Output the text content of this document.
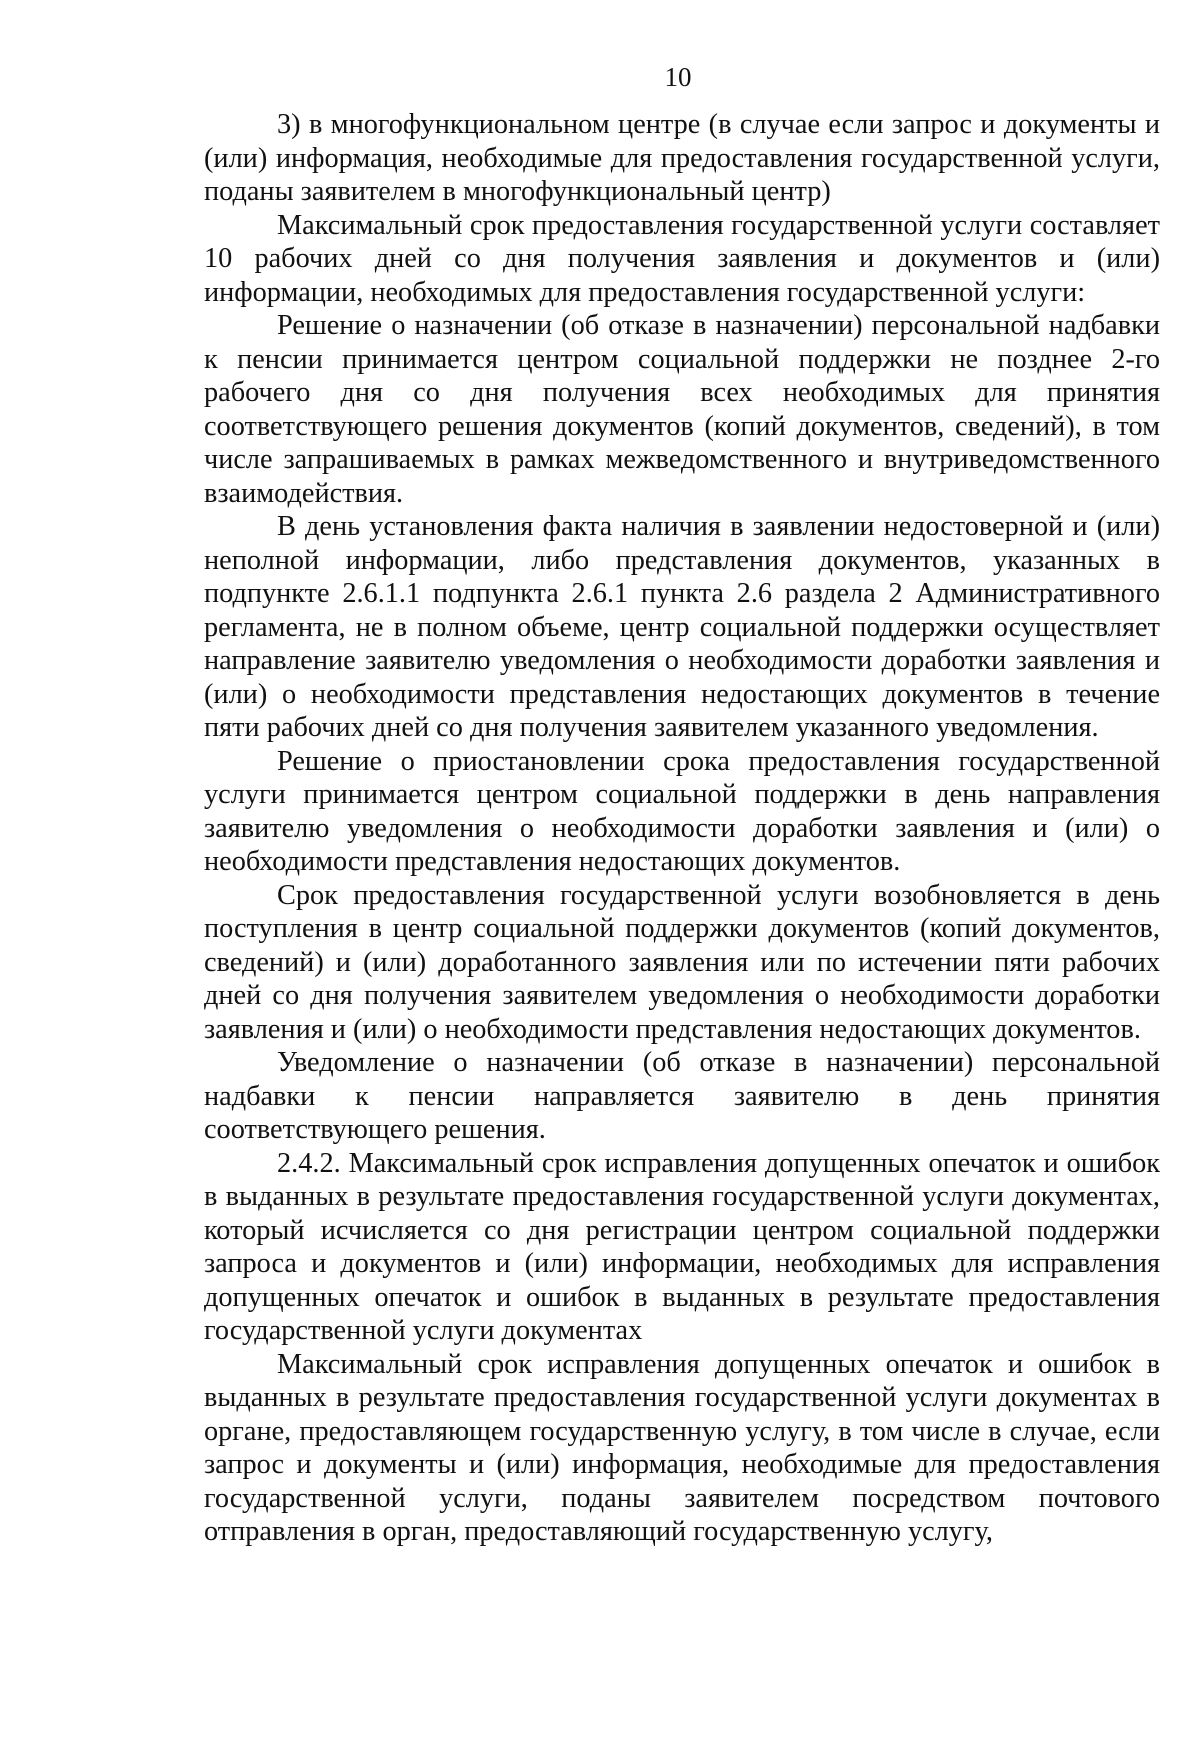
10

3) в многофункциональном центре (в случае если запрос и документы и (или) информация, необходимые для предоставления государственной услуги, поданы заявителем в многофункциональный центр)

Максимальный срок предоставления государственной услуги составляет 10 рабочих дней со дня получения заявления и документов и (или) информации, необходимых для предоставления государственной услуги:

Решение о назначении (об отказе в назначении) персональной надбавки к пенсии принимается центром социальной поддержки не позднее 2-го рабочего дня со дня получения всех необходимых для принятия соответствующего решения документов (копий документов, сведений), в том числе запрашиваемых в рамках межведомственного и внутриведомственного взаимодействия.

В день установления факта наличия в заявлении недостоверной и (или) неполной информации, либо представления документов, указанных в подпункте 2.6.1.1 подпункта 2.6.1 пункта 2.6 раздела 2 Административного регламента, не в полном объеме, центр социальной поддержки осуществляет направление заявителю уведомления о необходимости доработки заявления и (или) о необходимости представления недостающих документов в течение пяти рабочих дней со дня получения заявителем указанного уведомления.

Решение о приостановлении срока предоставления государственной услуги принимается центром социальной поддержки в день направления заявителю уведомления о необходимости доработки заявления и (или) о необходимости представления недостающих документов.

Срок предоставления государственной услуги возобновляется в день поступления в центр социальной поддержки документов (копий документов, сведений) и (или) доработанного заявления или по истечении пяти рабочих дней со дня получения заявителем уведомления о необходимости доработки заявления и (или) о необходимости представления недостающих документов.

Уведомление о назначении (об отказе в назначении) персональной надбавки к пенсии направляется заявителю в день принятия соответствующего решения.

2.4.2. Максимальный срок исправления допущенных опечаток и ошибок в выданных в результате предоставления государственной услуги документах, который исчисляется со дня регистрации центром социальной поддержки запроса и документов и (или) информации, необходимых для исправления допущенных опечаток и ошибок в выданных в результате предоставления государственной услуги документах

Максимальный срок исправления допущенных опечаток и ошибок в выданных в результате предоставления государственной услуги документах в органе, предоставляющем государственную услугу, в том числе в случае, если запрос и документы и (или) информация, необходимые для предоставления государственной услуги, поданы заявителем посредством почтового отправления в орган, предоставляющий государственную услугу,
